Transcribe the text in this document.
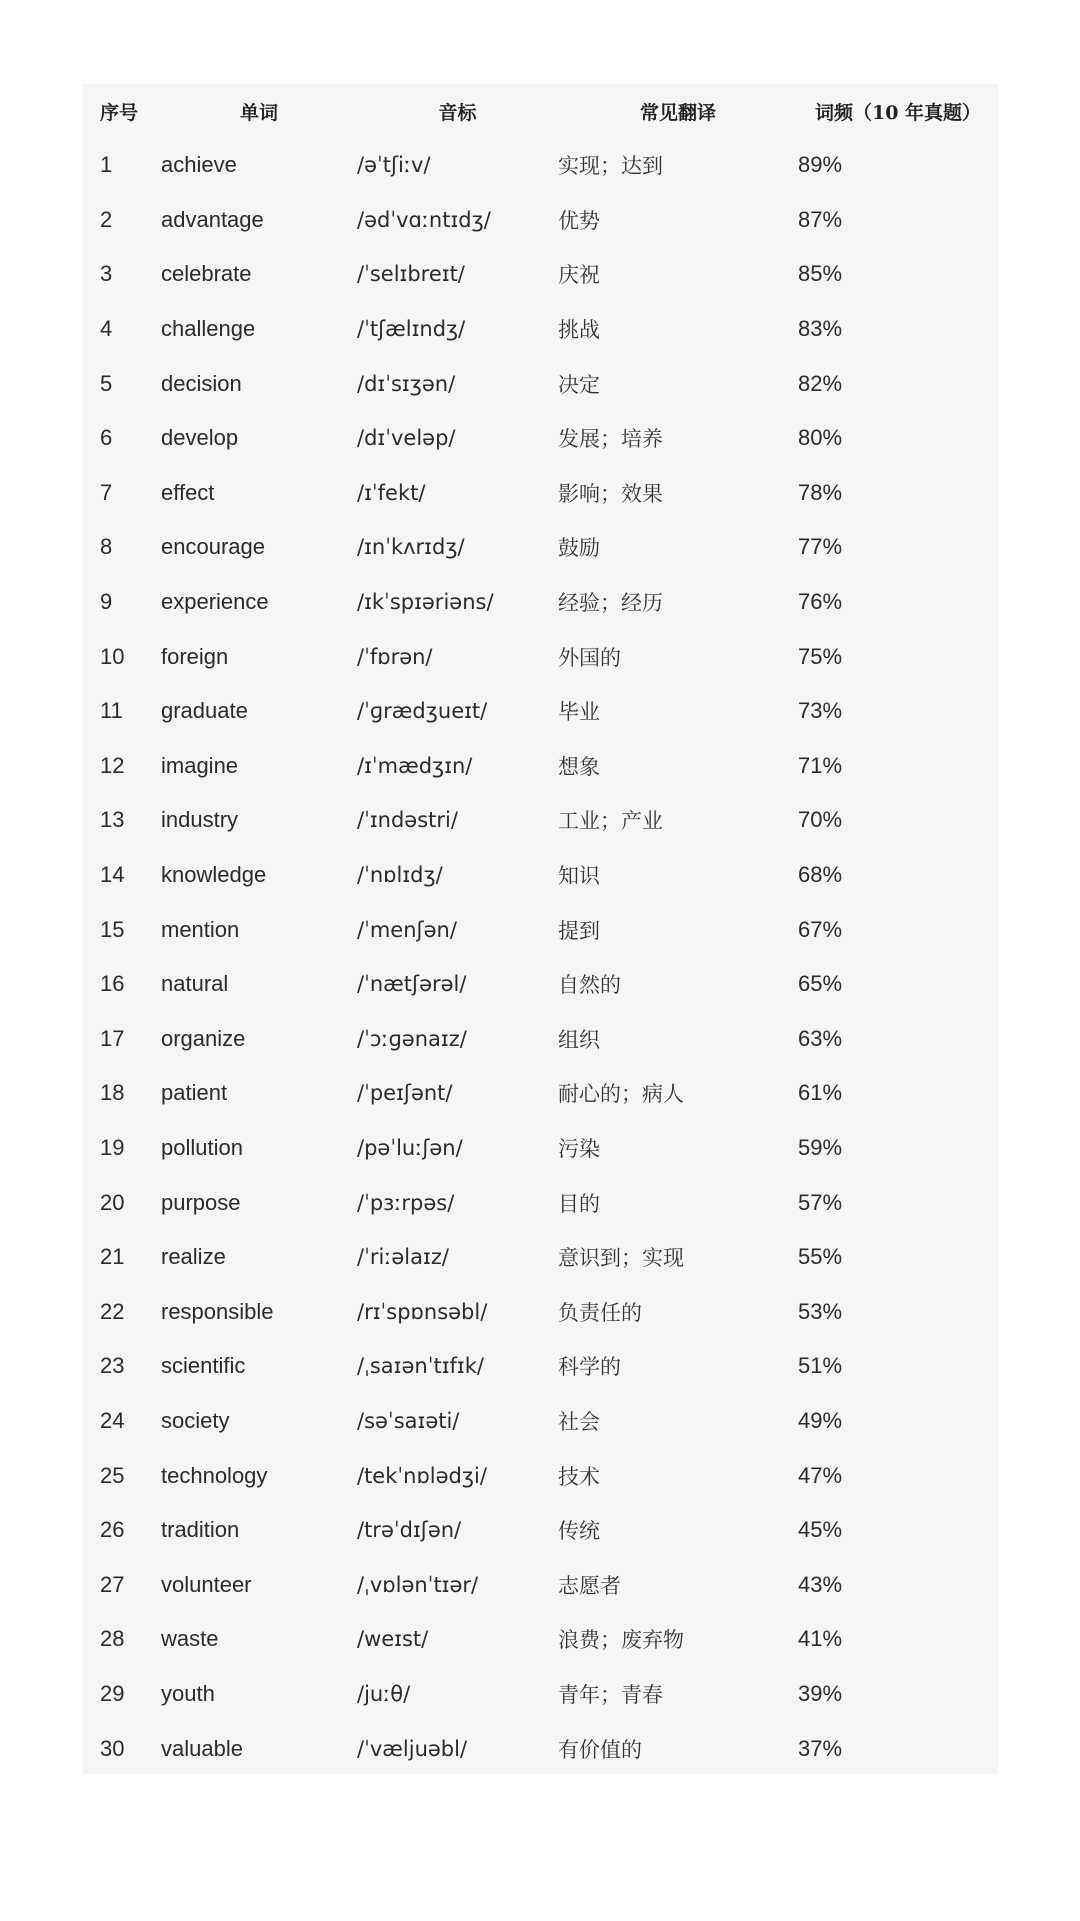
序号	单词	音标	常见翻译	词频（10 年真题）
1	achieve	/əˈtʃiːv/	实现；达到	89%
2	advantage	/ədˈvɑːntɪdʒ/	优势	87%
3	celebrate	/ˈselɪbreɪt/	庆祝	85%
4	challenge	/ˈtʃælɪndʒ/	挑战	83%
5	decision	/dɪˈsɪʒən/	决定	82%
6	develop	/dɪˈveləp/	发展；培养	80%
7	effect	/ɪˈfekt/	影响；效果	78%
8	encourage	/ɪnˈkʌrɪdʒ/	鼓励	77%
9	experience	/ɪkˈspɪəriəns/	经验；经历	76%
10	foreign	/ˈfɒrən/	外国的	75%
11	graduate	/ˈɡrædʒueɪt/	毕业	73%
12	imagine	/ɪˈmædʒɪn/	想象	71%
13	industry	/ˈɪndəstri/	工业；产业	70%
14	knowledge	/ˈnɒlɪdʒ/	知识	68%
15	mention	/ˈmenʃən/	提到	67%
16	natural	/ˈnætʃərəl/	自然的	65%
17	organize	/ˈɔːɡənaɪz/	组织	63%
18	patient	/ˈpeɪʃənt/	耐心的；病人	61%
19	pollution	/pəˈluːʃən/	污染	59%
20	purpose	/ˈpɜːrpəs/	目的	57%
21	realize	/ˈriːəlaɪz/	意识到；实现	55%
22	responsible	/rɪˈspɒnsəbl/	负责任的	53%
23	scientific	/ˌsaɪənˈtɪfɪk/	科学的	51%
24	society	/səˈsaɪəti/	社会	49%
25	technology	/tekˈnɒlədʒi/	技术	47%
26	tradition	/trəˈdɪʃən/	传统	45%
27	volunteer	/ˌvɒlənˈtɪər/	志愿者	43%
28	waste	/weɪst/	浪费；废弃物	41%
29	youth	/juːθ/	青年；青春	39%
30	valuable	/ˈvæljuəbl/	有价值的	37%
